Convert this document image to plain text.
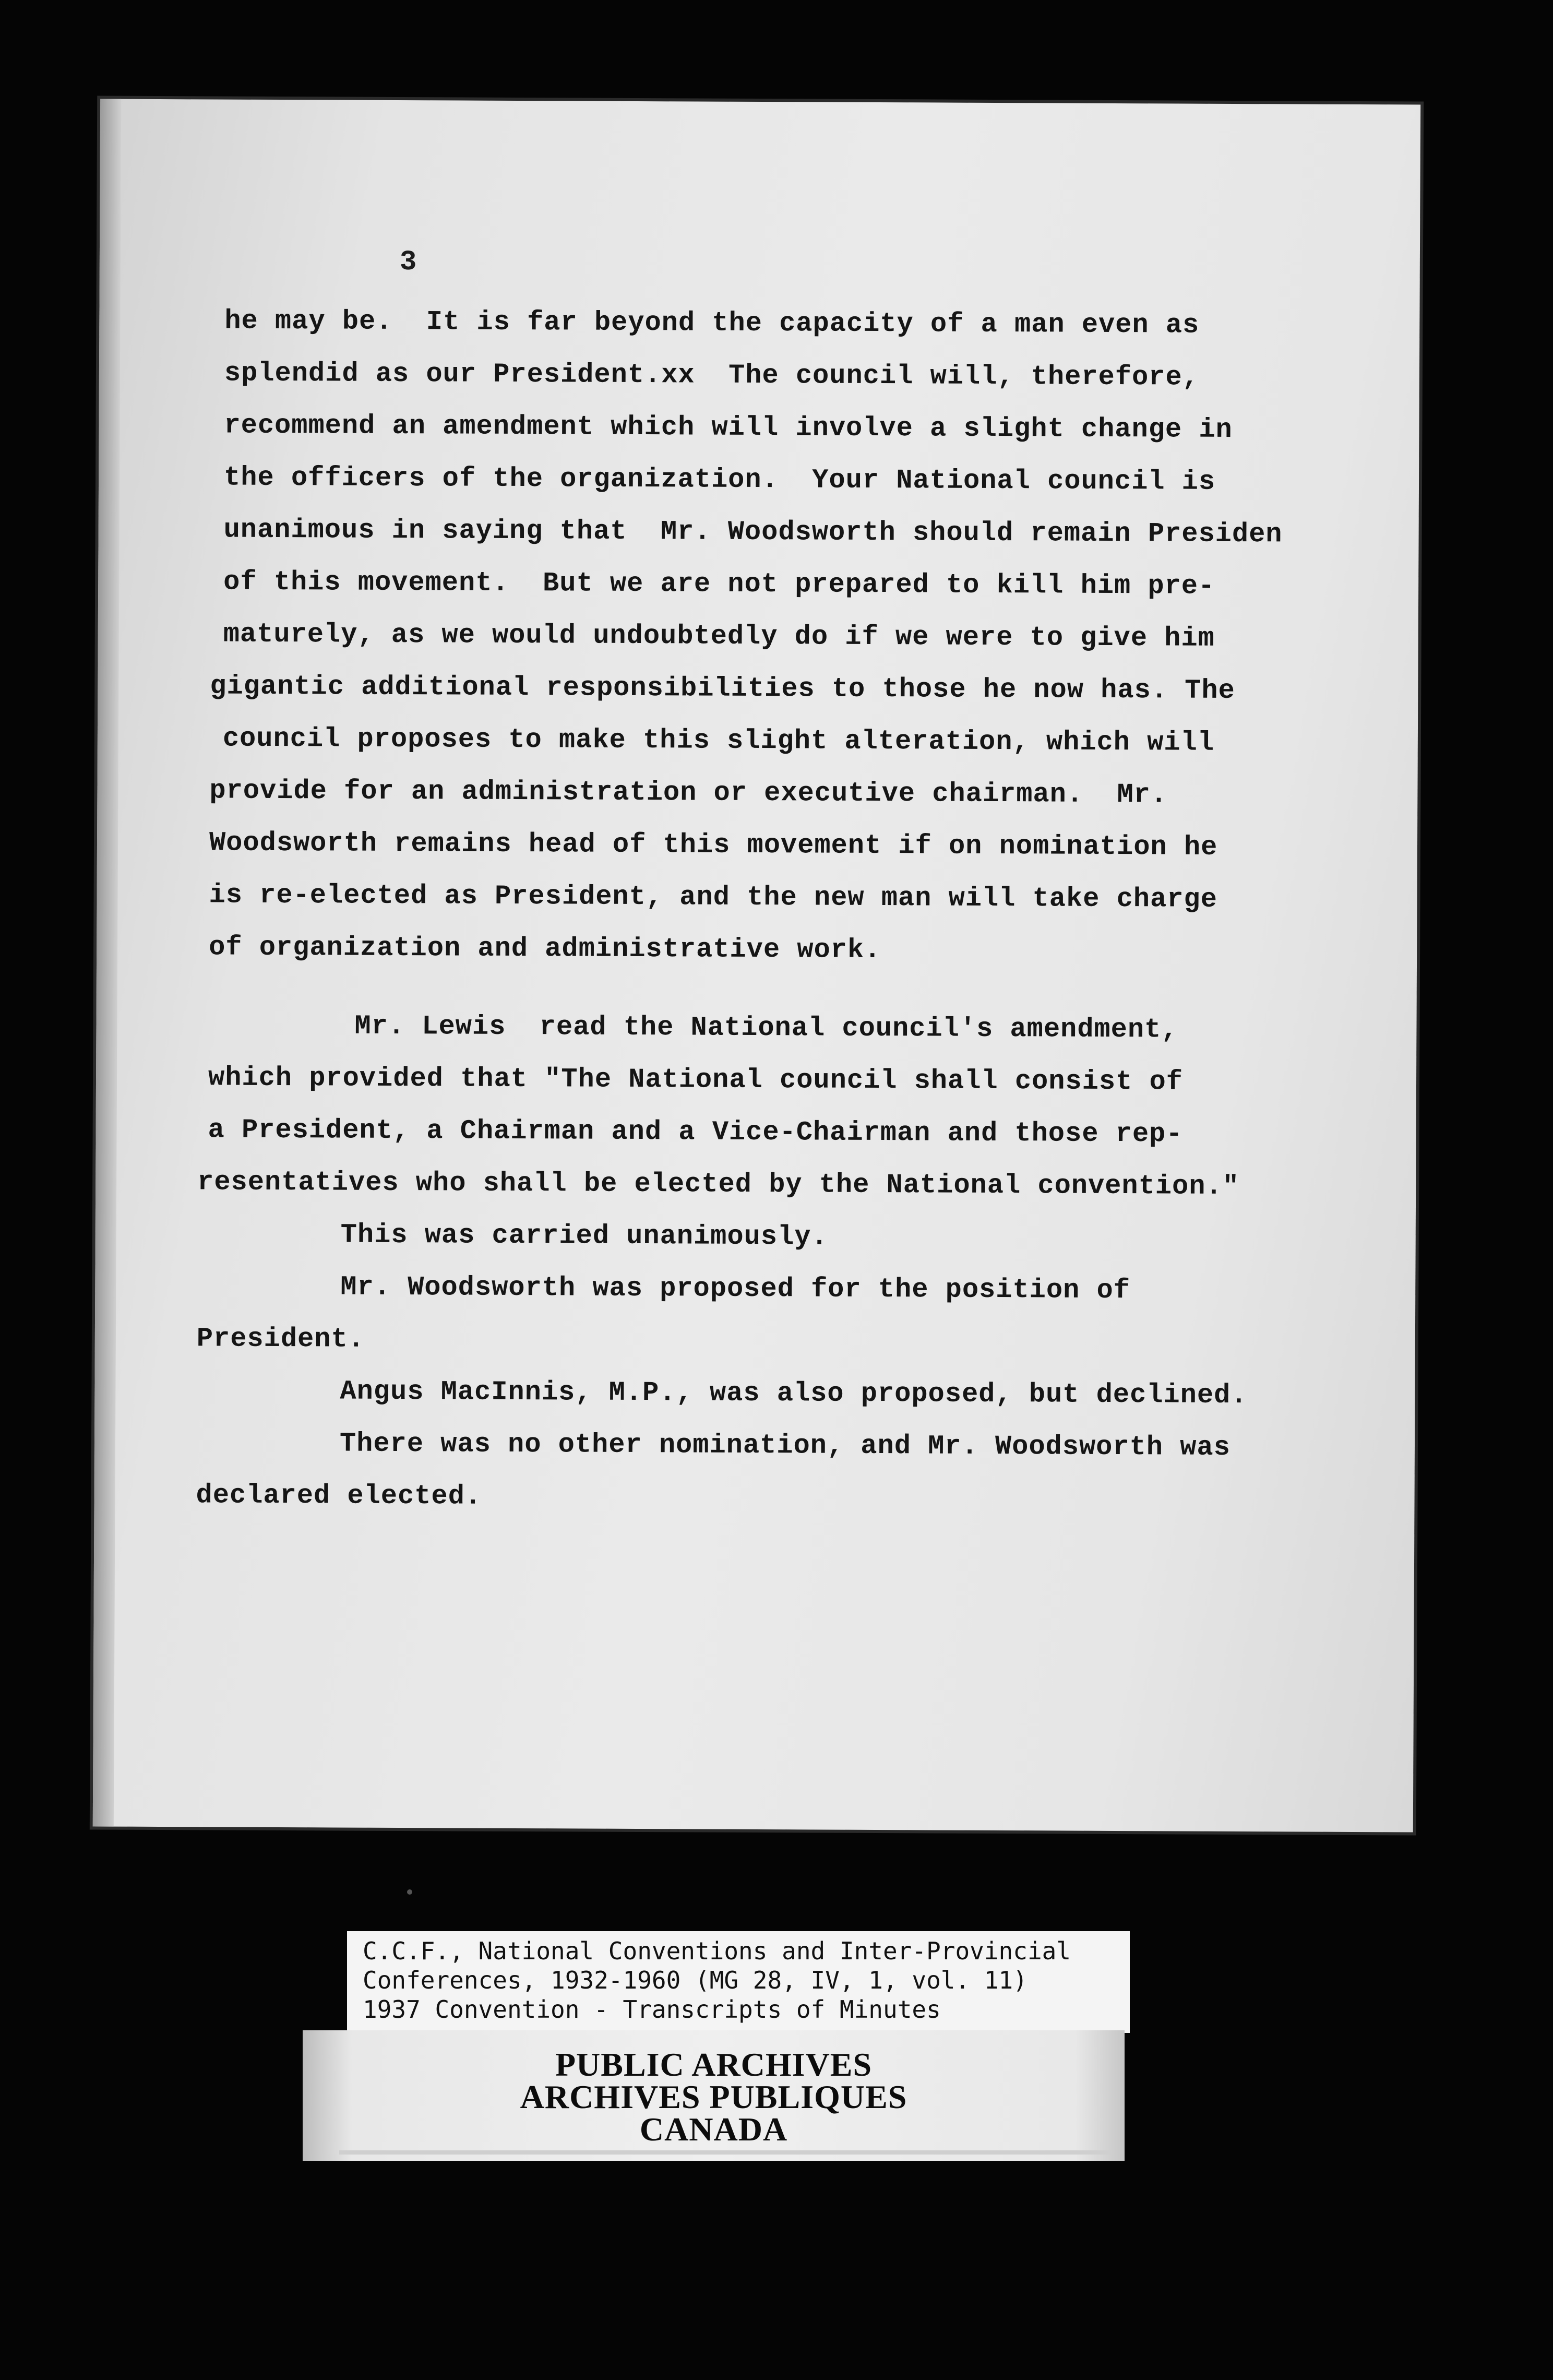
3
he may be.  It is far beyond the capacity of a man even as
splendid as our President.xx  The council will, therefore,
recommend an amendment which will involve a slight change in
the officers of the organization.  Your National council is
unanimous in saying that  Mr. Woodsworth should remain Presiden
of this movement.  But we are not prepared to kill him pre-
maturely, as we would undoubtedly do if we were to give him
gigantic additional responsibilities to those he now has. The
council proposes to make this slight alteration, which will
provide for an administration or executive chairman.  Mr.
Woodsworth remains head of this movement if on nomination he
is re-elected as President, and the new man will take charge
of organization and administrative work.
Mr. Lewis  read the National council's amendment,
which provided that "The National council shall consist of
a President, a Chairman and a Vice-Chairman and those rep-
resentatives who shall be elected by the National convention."
This was carried unanimously.
Mr. Woodsworth was proposed for the position of
President.
Angus MacInnis, M.P., was also proposed, but declined.
There was no other nomination, and Mr. Woodsworth was
declared elected.
C.C.F., National Conventions and Inter-Provincial
Conferences, 1932-1960 (MG 28, IV, 1, vol. 11)
1937 Convention - Transcripts of Minutes
PUBLIC ARCHIVES
ARCHIVES PUBLIQUES
CANADA
